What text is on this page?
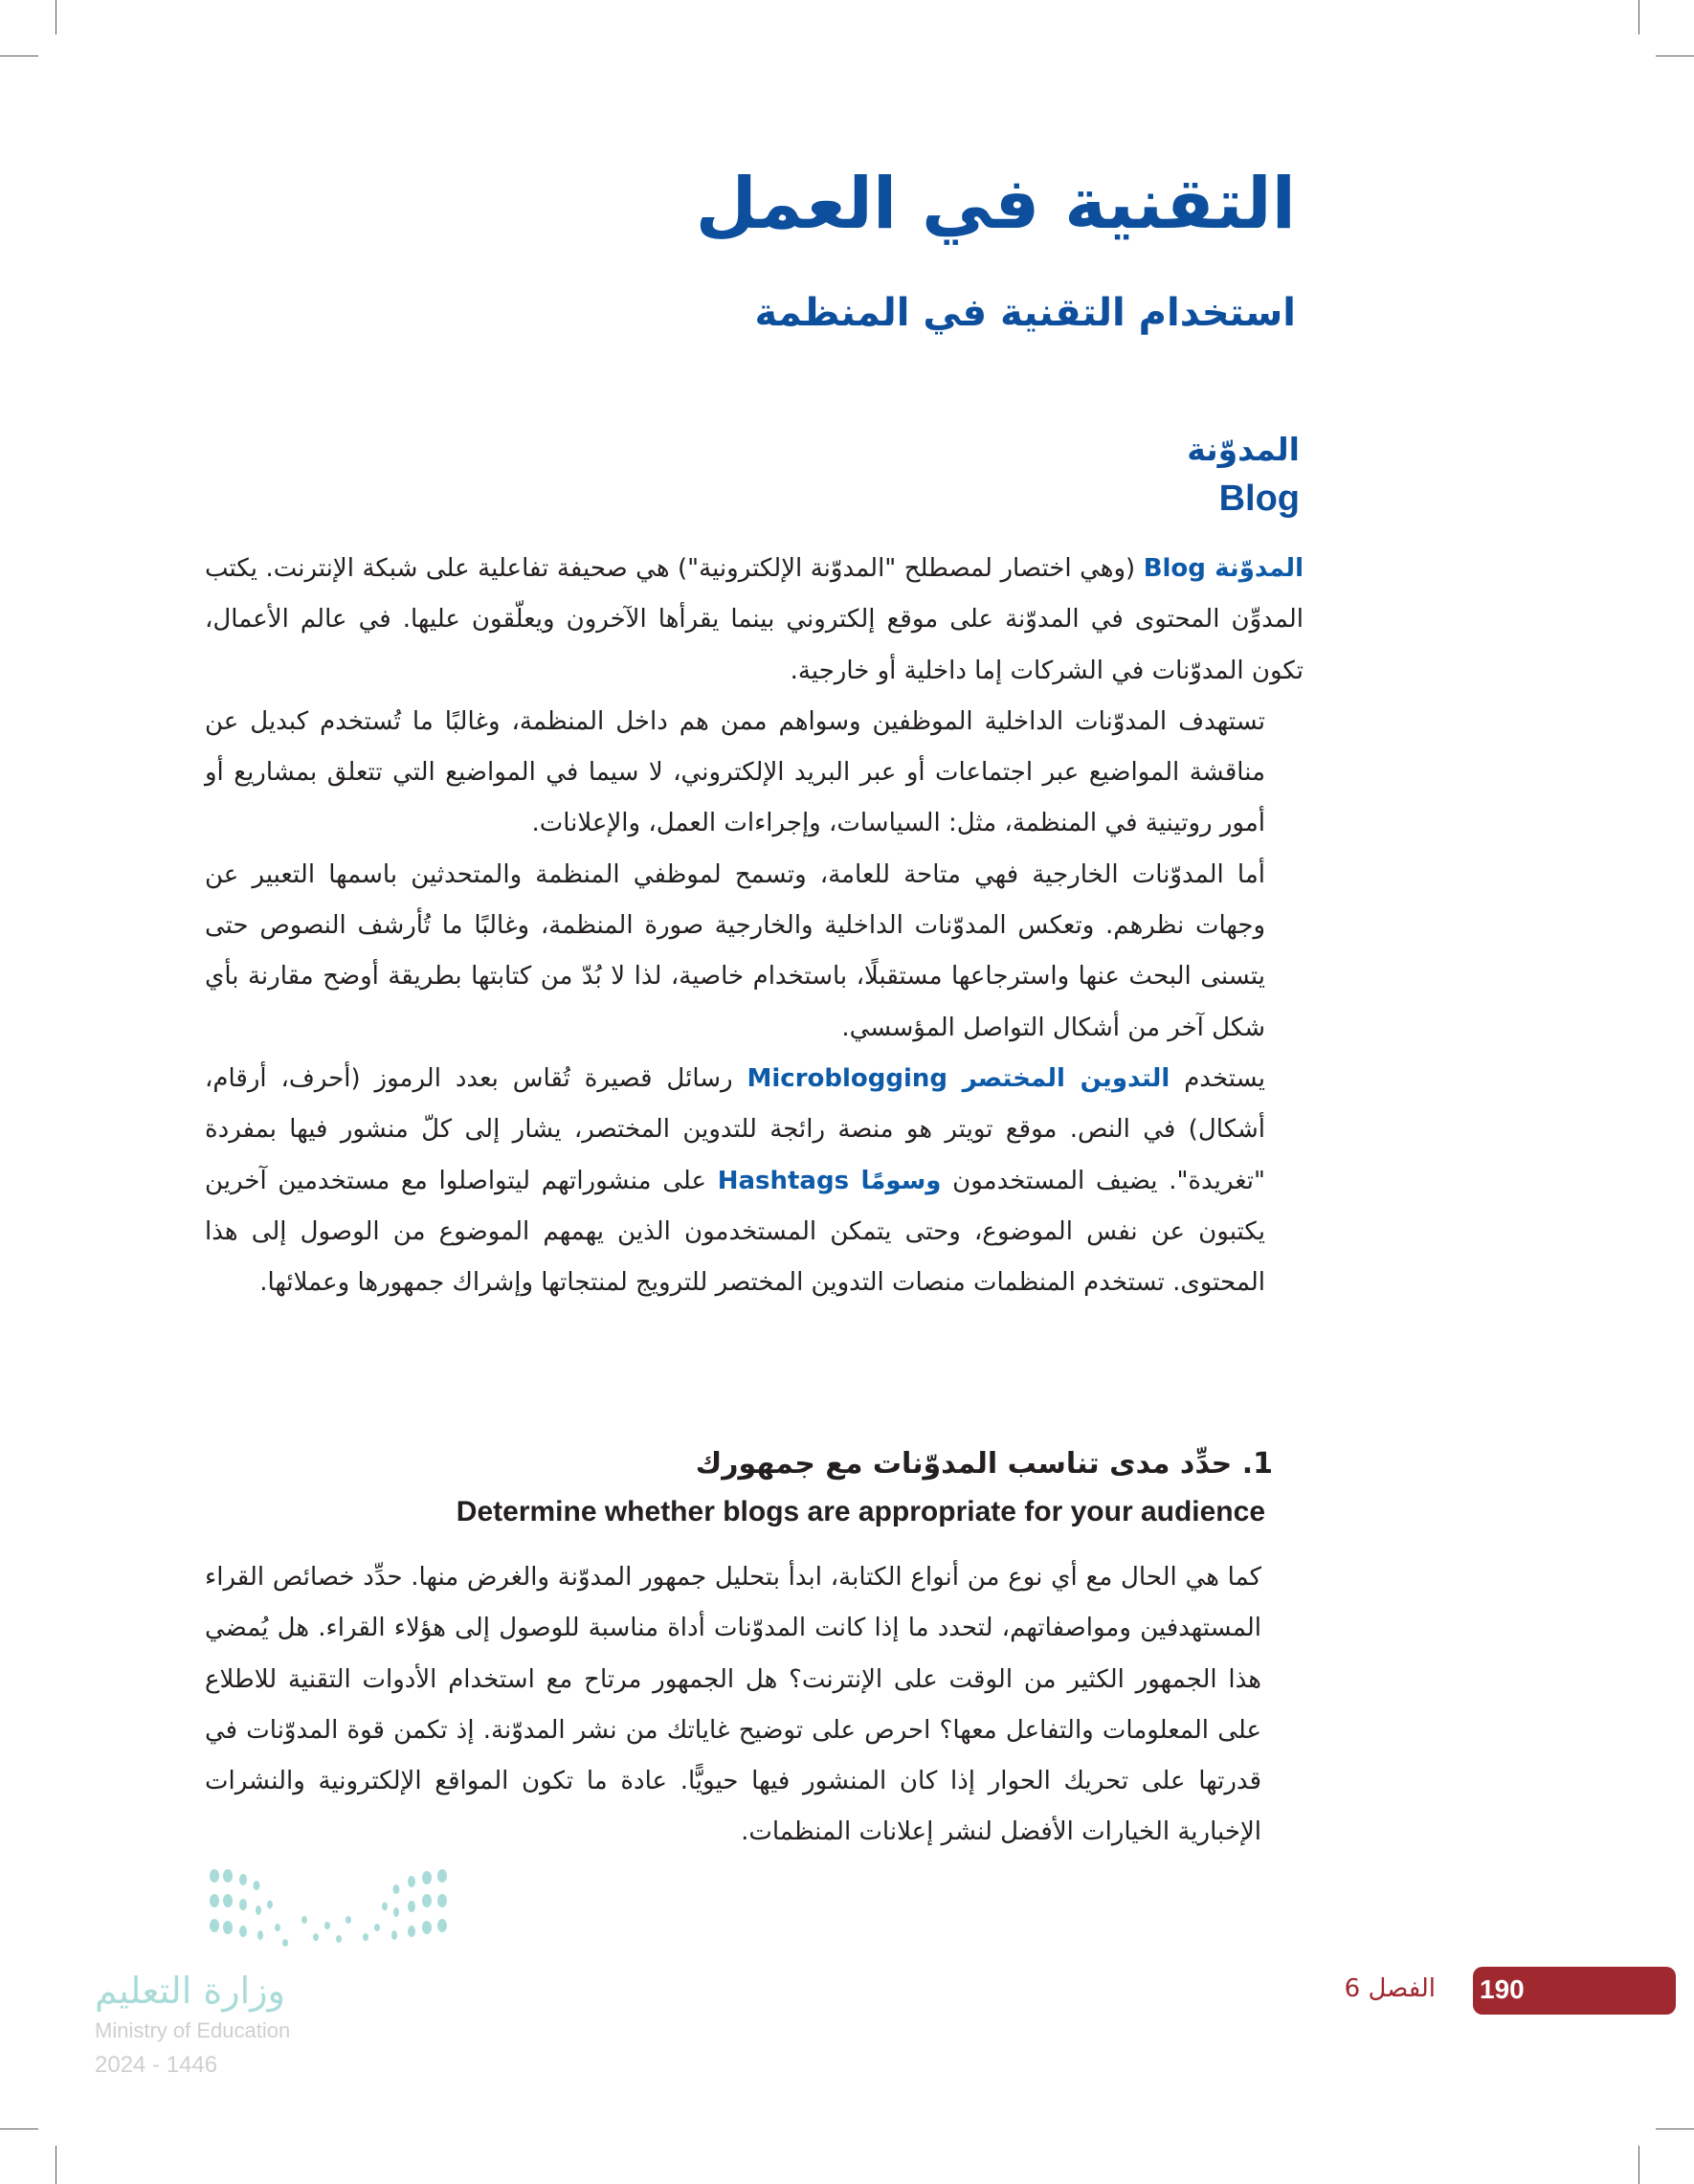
التقنية في العمل
استخدام التقنية في المنظمة
المدوّنة
Blog

المدوّنة Blog (وهي اختصار لمصطلح "المدوّنة الإلكترونية") هي صحيفة تفاعلية على شبكة الإنترنت. يكتب المدوِّن المحتوى في المدوّنة على موقع إلكتروني بينما يقرأها الآخرون ويعلّقون عليها. في عالم الأعمال، تكون المدوّنات في الشركات إما داخلية أو خارجية.

تستهدف المدوّنات الداخلية الموظفين وسواهم ممن هم داخل المنظمة، وغالبًا ما تُستخدم كبديل عن مناقشة المواضيع عبر اجتماعات أو عبر البريد الإلكتروني، لا سيما في المواضيع التي تتعلق بمشاريع أو أمور روتينية في المنظمة، مثل: السياسات، وإجراءات العمل، والإعلانات.

أما المدوّنات الخارجية فهي متاحة للعامة، وتسمح لموظفي المنظمة والمتحدثين باسمها التعبير عن وجهات نظرهم. وتعكس المدوّنات الداخلية والخارجية صورة المنظمة، وغالبًا ما تُأرشف النصوص حتى يتسنى البحث عنها واسترجاعها مستقبلًا، باستخدام خاصية، لذا لا بُدّ من كتابتها بطريقة أوضح مقارنة بأي شكل آخر من أشكال التواصل المؤسسي.

يستخدم التدوين المختصر Microblogging رسائل قصيرة تُقاس بعدد الرموز (أحرف، أرقام، أشكال) في النص. موقع تويتر هو منصة رائجة للتدوين المختصر، يشار إلى كلّ منشور فيها بمفردة "تغريدة". يضيف المستخدمون وسومًا Hashtags على منشوراتهم ليتواصلوا مع مستخدمين آخرين يكتبون عن نفس الموضوع، وحتى يتمكن المستخدمون الذين يهمهم الموضوع من الوصول إلى هذا المحتوى. تستخدم المنظمات منصات التدوين المختصر للترويج لمنتجاتها وإشراك جمهورها وعملائها.

1. حدِّد مدى تناسب المدوّنات مع جمهورك
Determine whether blogs are appropriate for your audience

كما هي الحال مع أي نوع من أنواع الكتابة، ابدأ بتحليل جمهور المدوّنة والغرض منها. حدِّد خصائص القراء المستهدفين ومواصفاتهم، لتحدد ما إذا كانت المدوّنات أداة مناسبة للوصول إلى هؤلاء القراء. هل يُمضي هذا الجمهور الكثير من الوقت على الإنترنت؟ هل الجمهور مرتاح مع استخدام الأدوات التقنية للاطلاع على المعلومات والتفاعل معها؟ احرص على توضيح غاياتك من نشر المدوّنة. إذ تكمن قوة المدوّنات في قدرتها على تحريك الحوار إذا كان المنشور فيها حيويًّا. عادة ما تكون المواقع الإلكترونية والنشرات الإخبارية الخيارات الأفضل لنشر إعلانات المنظمات.

وزارة التعليم
Ministry of Education
2024 - 1446
190
الفصل 6
